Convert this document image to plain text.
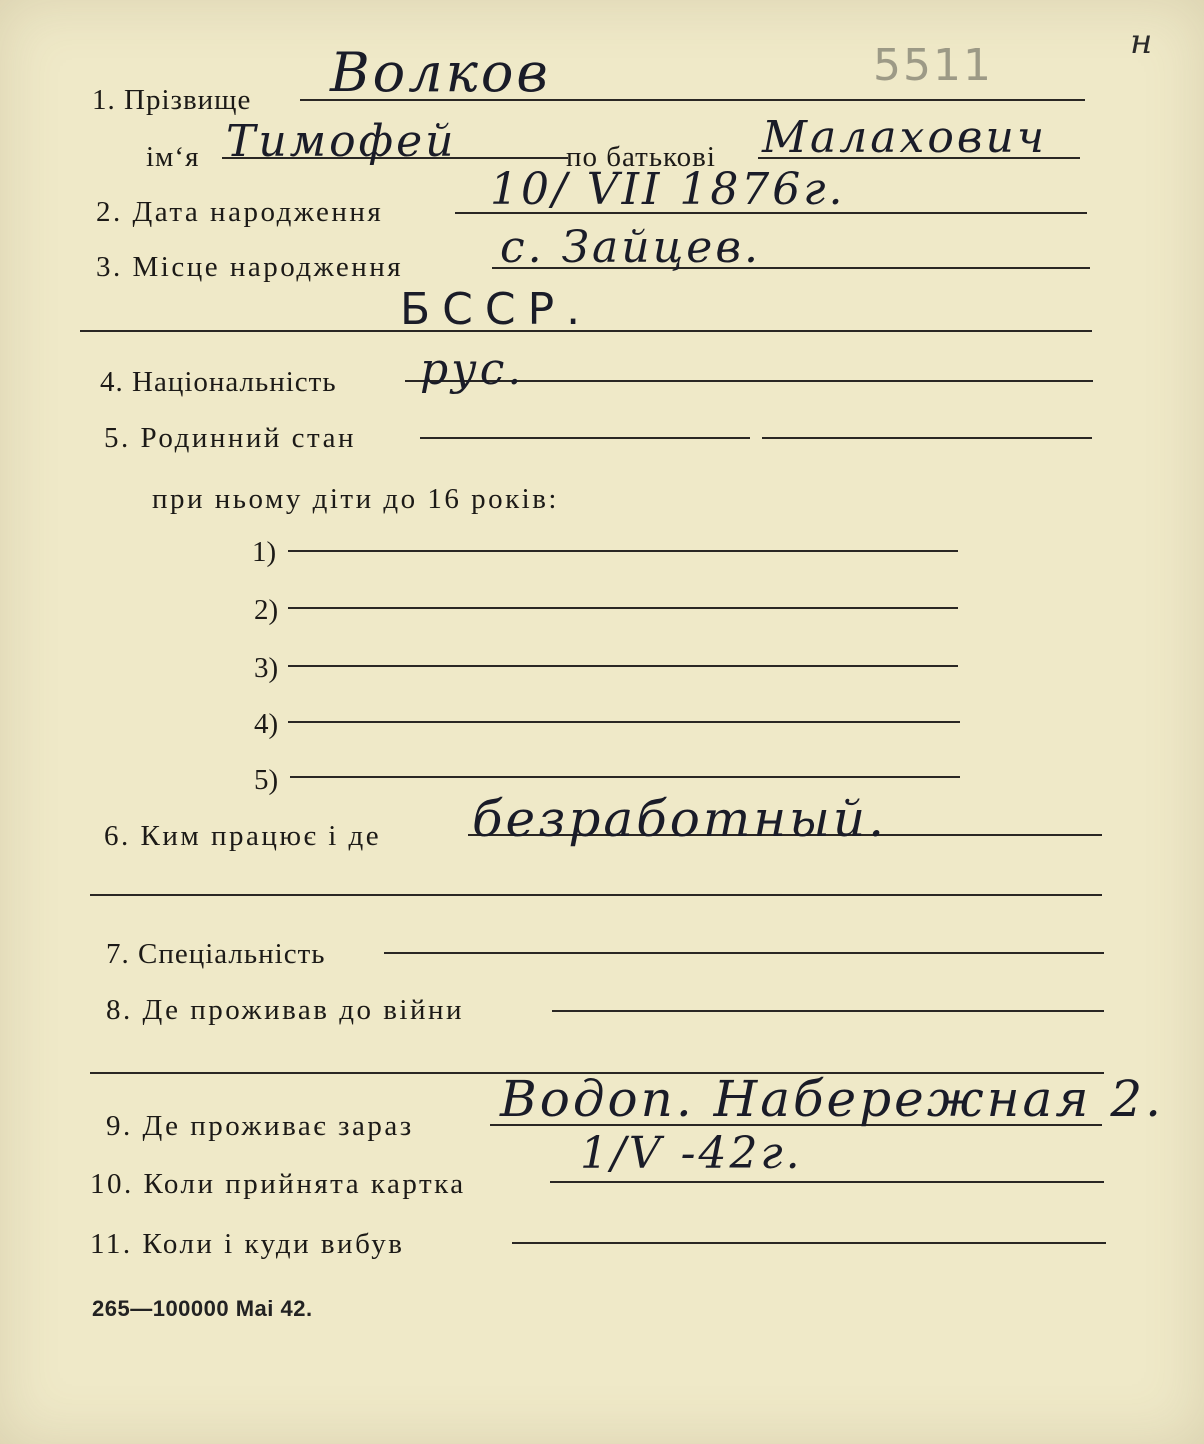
5511	н
1. Прізвище Волков
ім‘я Тимофей	по батькові Малахович
2. Дата народження 10/ VII 1876г.
3. Місце народження с. Зайцев.
БССР.
4. Національність рус.
5. Родинний стан
при ньому діти до 16 років:
1)
2)
3)
4)
5)
6. Ким працює і де безработный.
7. Спеціальність
8. Де проживав до війни
9. Де проживає зараз Водоп. Набережная 2.
10. Коли прийнята картка
1/V -42г.
11. Коли і куди вибув
265—100000 Mai 42.
